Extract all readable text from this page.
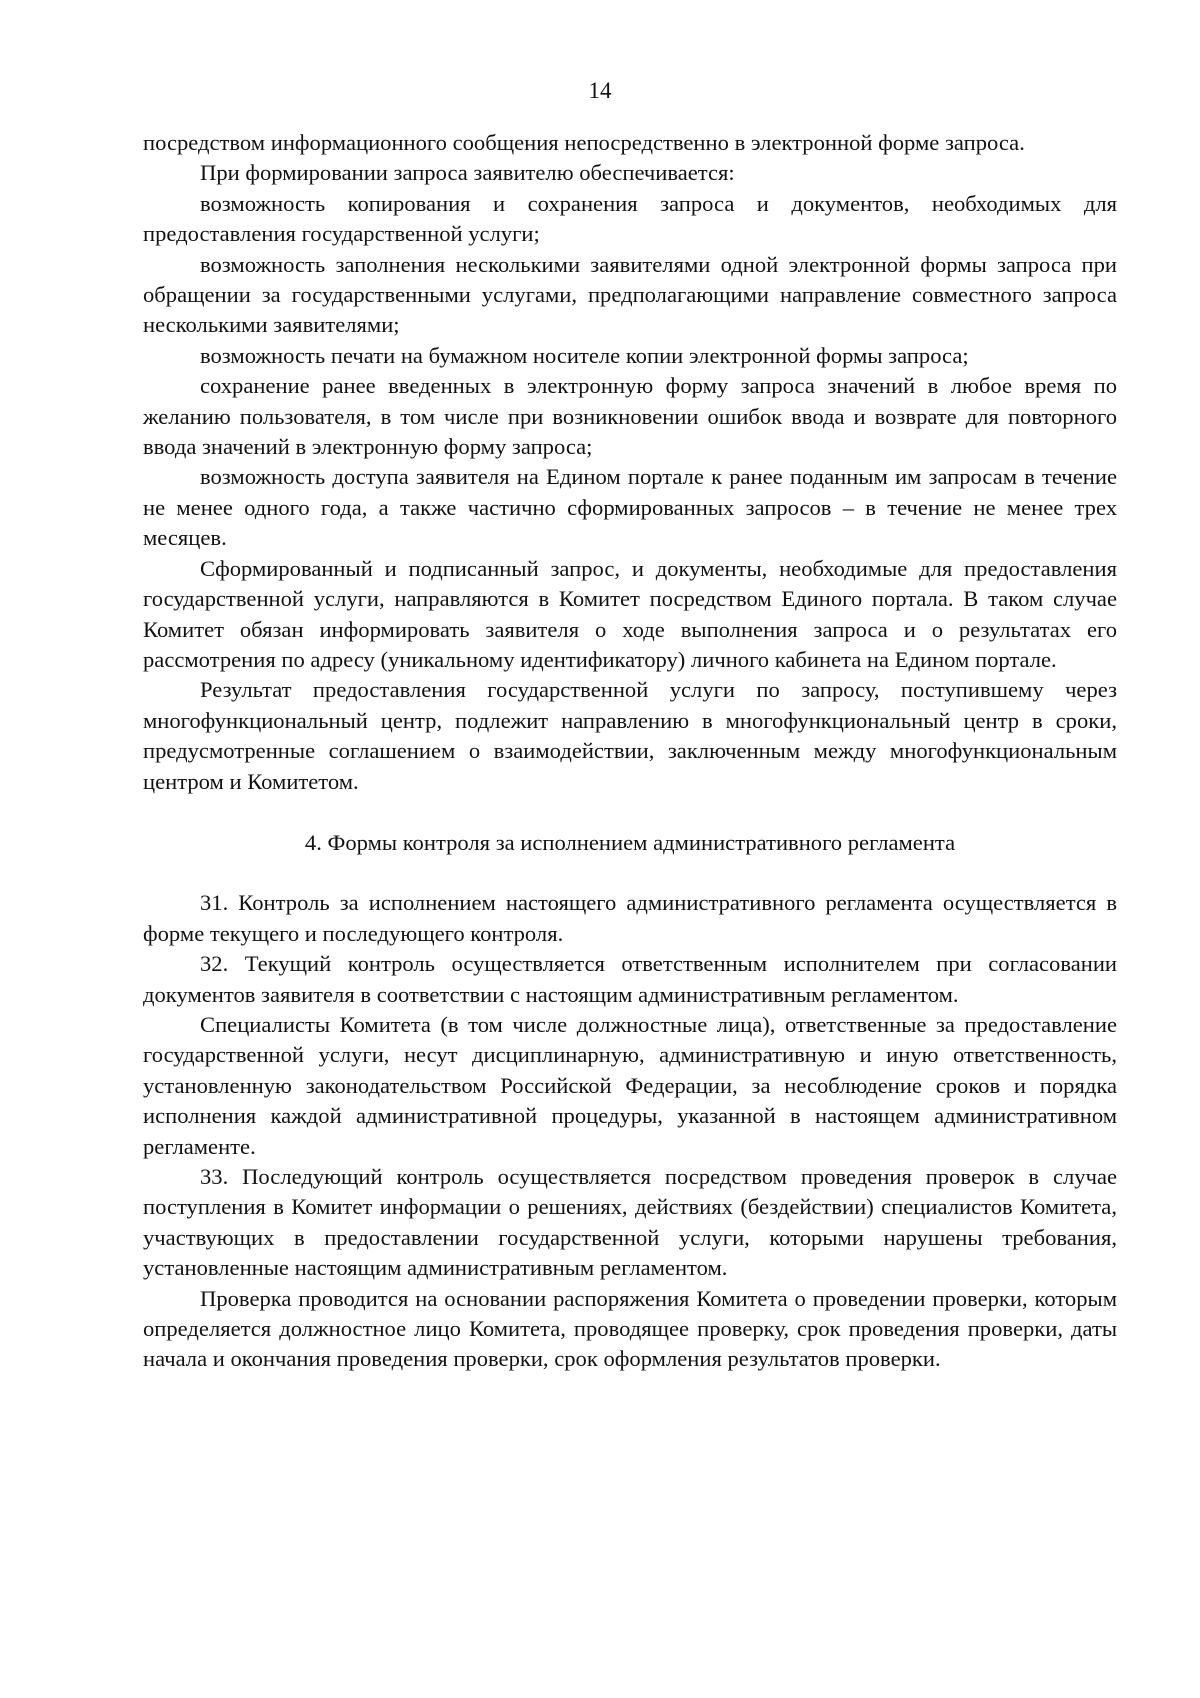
14

посредством информационного сообщения непосредственно в электронной форме запроса.

При формировании запроса заявителю обеспечивается:

возможность копирования и сохранения запроса и документов, необходимых для предоставления государственной услуги;

возможность заполнения несколькими заявителями одной электронной формы запроса при обращении за государственными услугами, предполагающими направление совместного запроса несколькими заявителями;

возможность печати на бумажном носителе копии электронной формы запроса;

сохранение ранее введенных в электронную форму запроса значений в любое время по желанию пользователя, в том числе при возникновении ошибок ввода и возврате для повторного ввода значений в электронную форму запроса;

возможность доступа заявителя на Едином портале к ранее поданным им запросам в течение не менее одного года, а также частично сформированных запросов – в течение не менее трех месяцев.

Сформированный и подписанный запрос, и документы, необходимые для предоставления государственной услуги, направляются в Комитет посредством Единого портала. В таком случае Комитет обязан информировать заявителя о ходе выполнения запроса и о результатах его рассмотрения по адресу (уникальному идентификатору) личного кабинета на Едином портале.

Результат предоставления государственной услуги по запросу, поступившему через многофункциональный центр, подлежит направлению в многофункциональный центр в сроки, предусмотренные соглашением о взаимодействии, заключенным между многофункциональным центром и Комитетом.

4. Формы контроля за исполнением административного регламента

31. Контроль за исполнением настоящего административного регламента осуществляется в форме текущего и последующего контроля.

32. Текущий контроль осуществляется ответственным исполнителем при согласовании документов заявителя в соответствии с настоящим административным регламентом.

Специалисты Комитета (в том числе должностные лица), ответственные за предоставление государственной услуги, несут дисциплинарную, административную и иную ответственность, установленную законодательством Российской Федерации, за несоблюдение сроков и порядка исполнения каждой административной процедуры, указанной в настоящем административном регламенте.

33. Последующий контроль осуществляется посредством проведения проверок в случае поступления в Комитет информации о решениях, действиях (бездействии) специалистов Комитета, участвующих в предоставлении государственной услуги, которыми нарушены требования, установленные настоящим административным регламентом.

Проверка проводится на основании распоряжения Комитета о проведении проверки, которым определяется должностное лицо Комитета, проводящее проверку, срок проведения проверки, даты начала и окончания проведения проверки, срок оформления результатов проверки.
